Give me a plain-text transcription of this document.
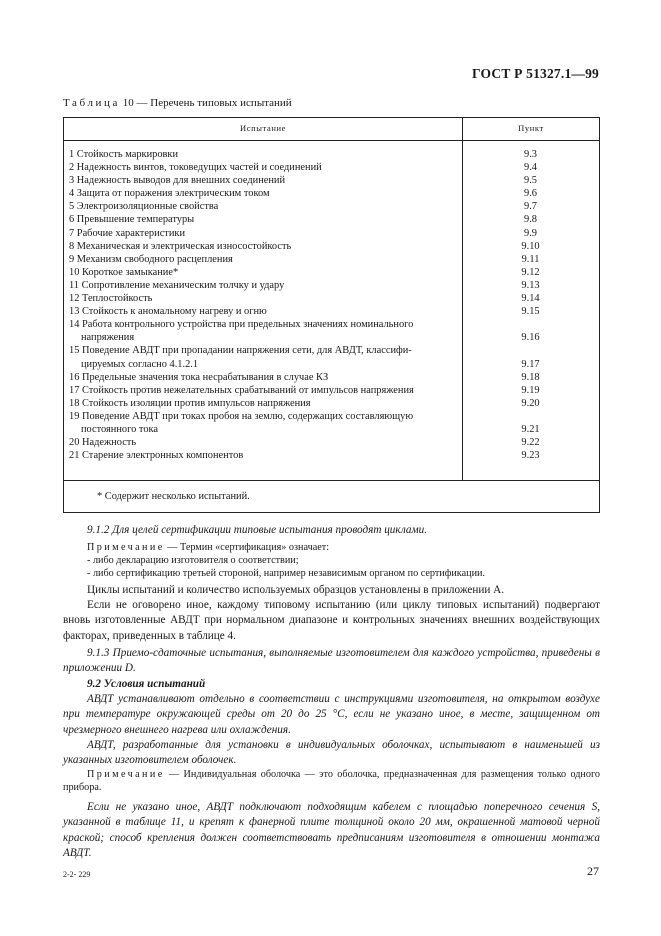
ГОСТ Р 51327.1—99
Таблица 10 — Перечень типовых испытаний
Испытание	Пункт
1 Стойкость маркировки	9.3
2 Надежность винтов, токоведущих частей и соединений	9.4
3 Надежность выводов для внешних соединений	9.5
4 Защита от поражения электрическим током	9.6
5 Электроизоляционные свойства	9.7
6 Превышение температуры	9.8
7 Рабочие характеристики	9.9
8 Механическая и электрическая износостойкость	9.10
9 Механизм свободного расцепления	9.11
10 Короткое замыкание*	9.12
11 Сопротивление механическим толчку и удару	9.13
12 Теплостойкость	9.14
13 Стойкость к аномальному нагреву и огню	9.15
14 Работа контрольного устройства при предельных значениях номинального
напряжения	9.16
15 Поведение АВДТ при пропадании напряжения сети, для АВДТ, классифи-
цируемых согласно 4.1.2.1	9.17
16 Предельные значения тока несрабатывания в случае КЗ	9.18
17 Стойкость против нежелательных срабатываний от импульсов напряжения	9.19
18 Стойкость изоляции против импульсов напряжения	9.20
19 Поведение АВДТ при токах пробоя на землю, содержащих составляющую
постоянного тока	9.21
20 Надежность	9.22
21 Старение электронных компонентов	9.23
* Содержит несколько испытаний.
9.1.2 Для целей сертификации типовые испытания проводят циклами.
Примечание — Термин «сертификация» означает:
- либо декларацию изготовителя о соответствии;
- либо сертификацию третьей стороной, например независимым органом по сертификации.
Циклы испытаний и количество используемых образцов установлены в приложении А.
Если не оговорено иное, каждому типовому испытанию (или циклу типовых испытаний) подвергают вновь изготовленные АВДТ при нормальном диапазоне и контрольных значениях внешних воздействующих факторах, приведенных в таблице 4.
9.1.3 Приемо-сдаточные испытания, выполняемые изготовителем для каждого устройства, приведены в приложении D.
9.2 Условия испытаний
АВДТ устанавливают отдельно в соответствии с инструкциями изготовителя, на открытом воздухе при температуре окружающей среды от 20 до 25 °С, если не указано иное, в месте, защищенном от чрезмерного внешнего нагрева или охлаждения.
АВДТ, разработанные для установки в индивидуальных оболочках, испытывают в наименьшей из указанных изготовителем оболочек.
Примечание — Индивидуальная оболочка — это оболочка, предназначенная для размещения только одного прибора.
Если не указано иное, АВДТ подключают подходящим кабелем с площадью поперечного сечения S, указанной в таблице 11, и крепят к фанерной плите толщиной около 20 мм, окрашенной матовой черной краской; способ крепления должен соответствовать предписаниям изготовителя в отношении монтажа АВДТ.
2-2- 229	27
